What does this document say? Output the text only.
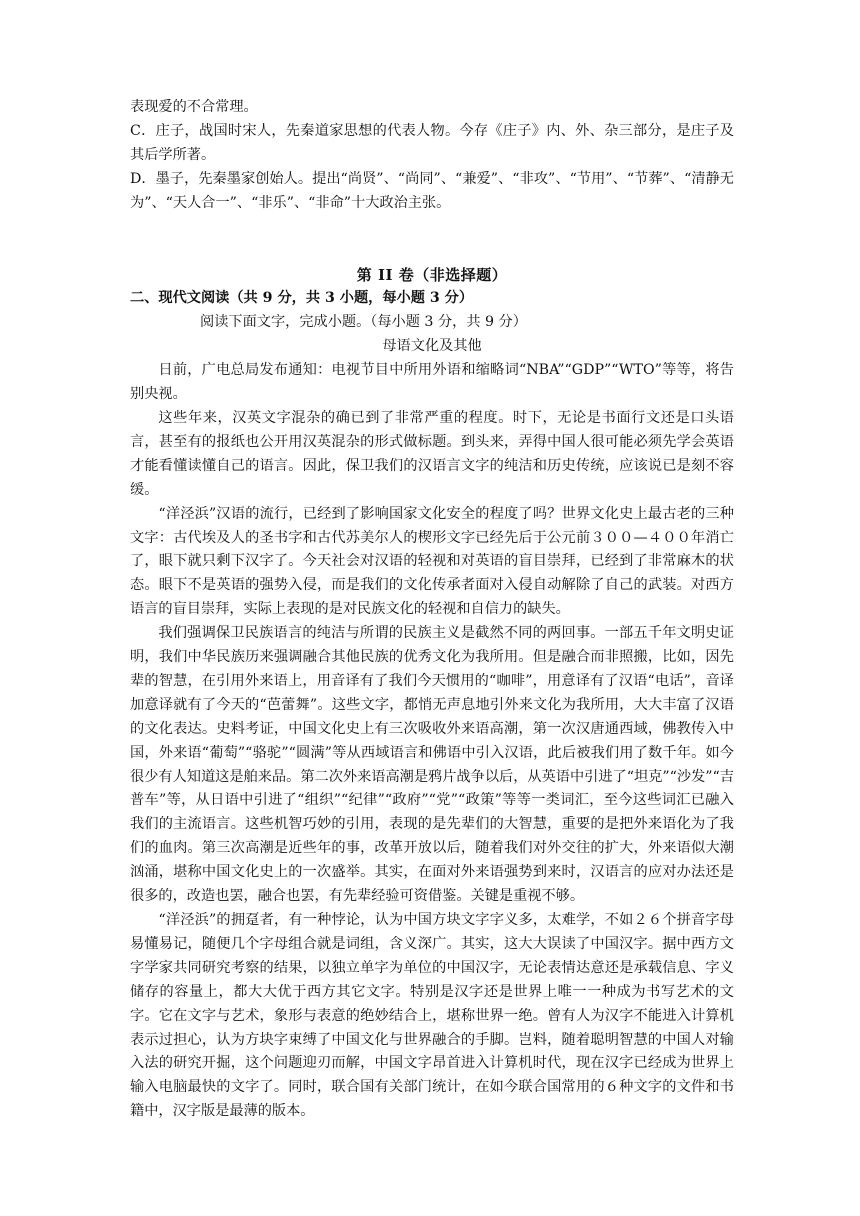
表现爱的不合常理。

C．庄子，战国时宋人，先秦道家思想的代表人物。今存《庄子》内、外、杂三部分，是庄子及其后学所著。

D．墨子，先秦墨家创始人。提出“尚贤”、“尚同”、“兼爱”、“非攻”、“节用”、“节葬”、“清静无为”、“天人合一”、“非乐”、“非命”十大政治主张。

第 II 卷（非选择题）

二、现代文阅读（共 9 分，共 3 小题，每小题 3 分）

阅读下面文字，完成小题。（每小题 3 分，共 9 分）

母语文化及其他

日前，广电总局发布通知：电视节目中所用外语和缩略词“NBA”“GDP”“WTO”等等，将告别央视。

这些年来，汉英文字混杂的确已到了非常严重的程度。时下，无论是书面行文还是口头语言，甚至有的报纸也公开用汉英混杂的形式做标题。到头来，弄得中国人很可能必须先学会英语才能看懂读懂自己的语言。因此，保卫我们的汉语言文字的纯洁和历史传统，应该说已是刻不容缓。

“洋泾浜”汉语的流行，已经到了影响国家文化安全的程度了吗？世界文化史上最古老的三种文字：古代埃及人的圣书字和古代苏美尔人的楔形文字已经先后于公元前３００—４００年消亡了，眼下就只剩下汉字了。今天社会对汉语的轻视和对英语的盲目崇拜，已经到了非常麻木的状态。眼下不是英语的强势入侵，而是我们的文化传承者面对入侵自动解除了自己的武装。对西方语言的盲目崇拜，实际上表现的是对民族文化的轻视和自信力的缺失。

我们强调保卫民族语言的纯洁与所谓的民族主义是截然不同的两回事。一部五千年文明史证明，我们中华民族历来强调融合其他民族的优秀文化为我所用。但是融合而非照搬，比如，因先辈的智慧，在引用外来语上，用音译有了我们今天惯用的“咖啡”，用意译有了汉语“电话”，音译加意译就有了今天的“芭蕾舞”。这些文字，都悄无声息地引外来文化为我所用，大大丰富了汉语的文化表达。史料考证，中国文化史上有三次吸收外来语高潮，第一次汉唐通西域，佛教传入中国，外来语“葡萄”“骆驼”“圆满”等从西域语言和佛语中引入汉语，此后被我们用了数千年。如今很少有人知道这是舶来品。第二次外来语高潮是鸦片战争以后，从英语中引进了“坦克”“沙发”“吉普车”等，从日语中引进了“组织”“纪律”“政府”“党”“政策”等等一类词汇，至今这些词汇已融入我们的主流语言。这些机智巧妙的引用，表现的是先辈们的大智慧，重要的是把外来语化为了我们的血肉。第三次高潮是近些年的事，改革开放以后，随着我们对外交往的扩大，外来语似大潮汹涌，堪称中国文化史上的一次盛举。其实，在面对外来语强势到来时，汉语言的应对办法还是很多的，改造也罢，融合也罢，有先辈经验可资借鉴。关键是重视不够。

“洋泾浜”的拥趸者，有一种悖论，认为中国方块文字字义多，太难学，不如２６个拼音字母易懂易记，随便几个字母组合就是词组，含义深广。其实，这大大误读了中国汉字。据中西方文字学家共同研究考察的结果，以独立单字为单位的中国汉字，无论表情达意还是承载信息、字义储存的容量上，都大大优于西方其它文字。特别是汉字还是世界上唯一一种成为书写艺术的文字。它在文字与艺术，象形与表意的绝妙结合上，堪称世界一绝。曾有人为汉字不能进入计算机表示过担心，认为方块字束缚了中国文化与世界融合的手脚。岂料，随着聪明智慧的中国人对输入法的研究开掘，这个问题迎刃而解，中国文字昂首进入计算机时代，现在汉字已经成为世界上输入电脑最快的文字了。同时，联合国有关部门统计，在如今联合国常用的６种文字的文件和书籍中，汉字版是最薄的版本。
